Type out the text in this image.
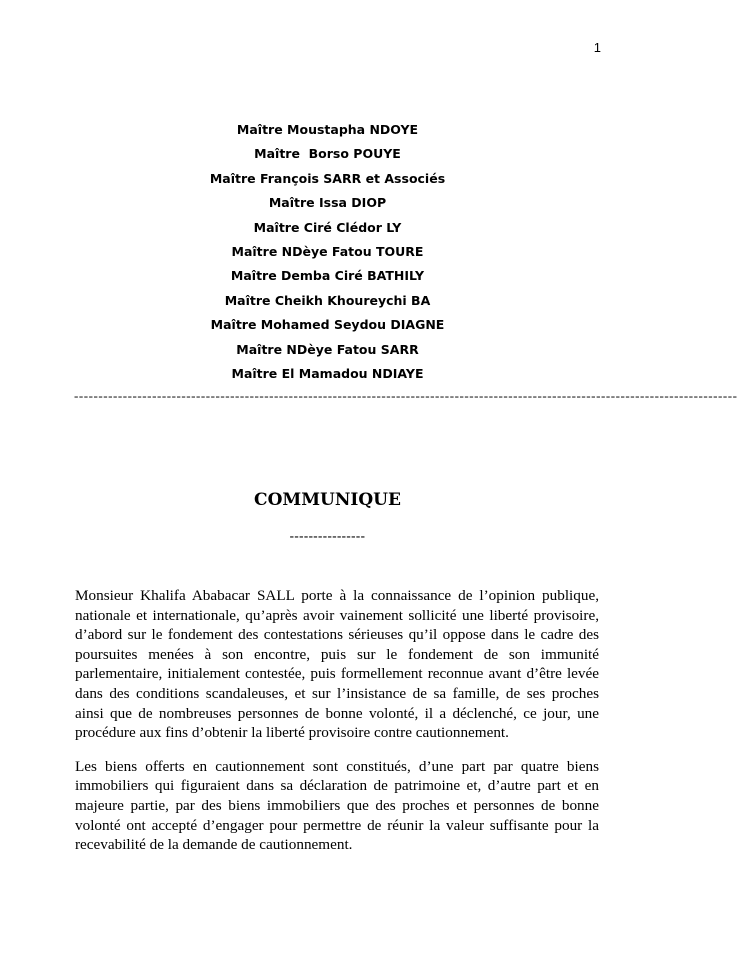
1
Maître Moustapha NDOYE
Maître  Borso POUYE
Maître François SARR et Associés
Maître Issa DIOP
Maître Ciré Clédor LY
Maître NDèye Fatou TOURE
Maître Demba Ciré BATHILY
Maître Cheikh Khoureychi BA
Maître Mohamed Seydou DIAGNE
Maître NDèye Fatou SARR
Maître El Mamadou NDIAYE
----------------------------------------------------------------------------------------------------------------------------------------
COMMUNIQUE
----------------

Monsieur Khalifa Ababacar SALL porte à la connaissance de l’opinion publique, nationale et internationale, qu’après avoir vainement sollicité une liberté provisoire, d’abord sur le fondement des contestations sérieuses qu’il oppose dans le cadre des poursuites menées à son encontre, puis sur le fondement de son immunité parlementaire, initialement contestée, puis formellement reconnue avant d’être levée dans des conditions scandaleuses, et sur l’insistance de sa famille, de ses proches ainsi que de nombreuses personnes de bonne volonté, il a déclenché, ce jour, une procédure aux fins d’obtenir la liberté provisoire contre cautionnement.

Les biens offerts en cautionnement sont constitués, d’une part par quatre biens immobiliers qui figuraient dans sa déclaration de patrimoine et, d’autre part et en majeure partie, par des biens immobiliers que des proches et personnes de bonne volonté ont accepté d’engager pour permettre de réunir la valeur suffisante pour la recevabilité de la demande de cautionnement.
